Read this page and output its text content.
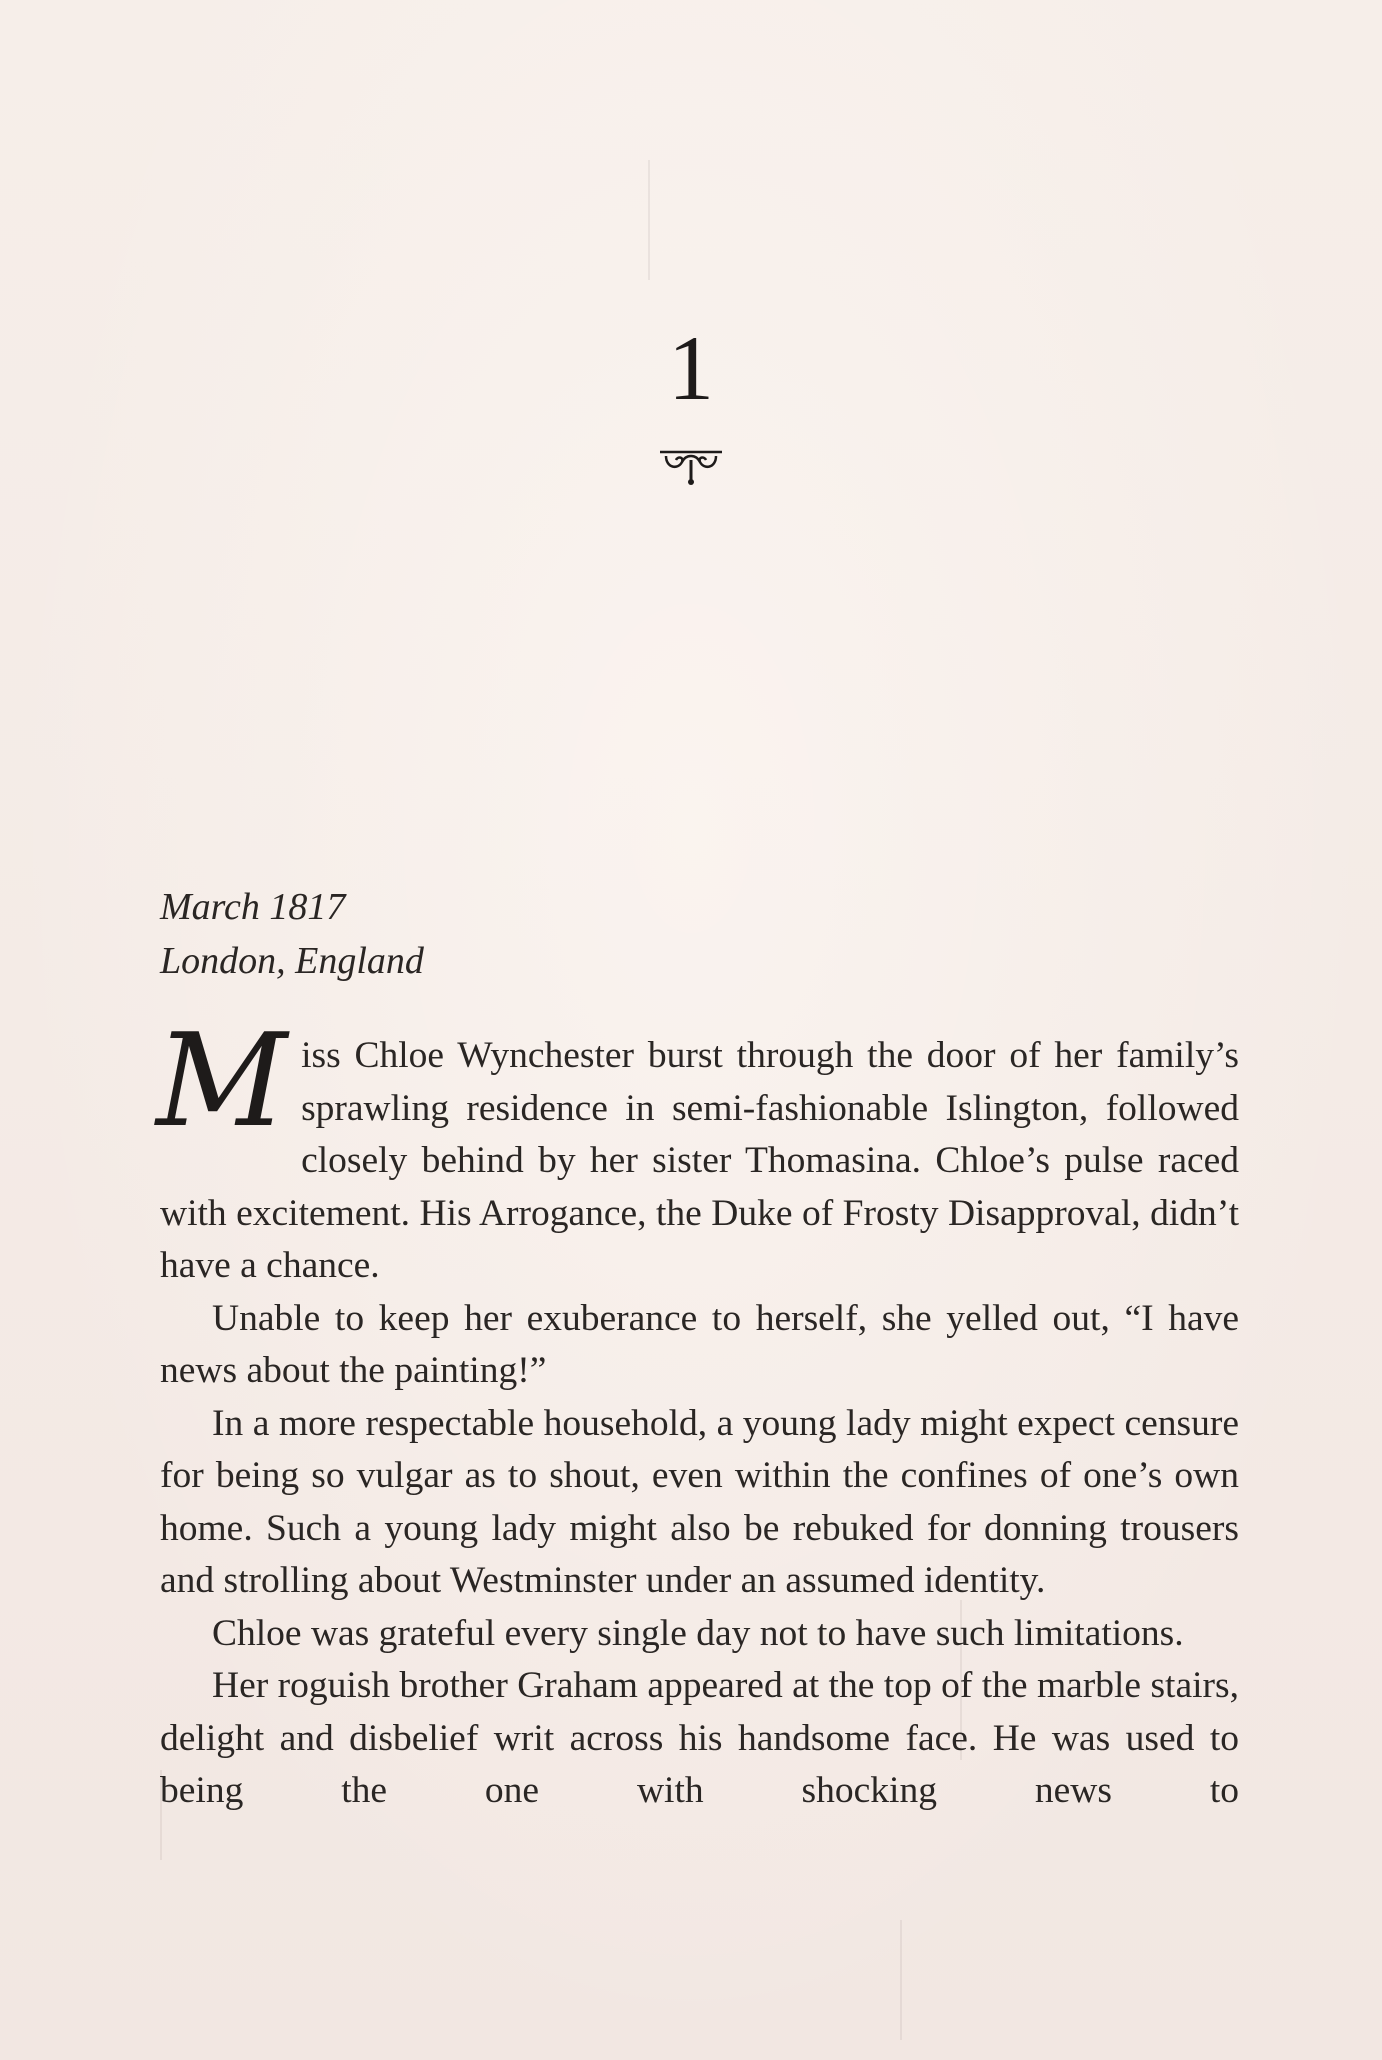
1
March 1817
London, England

Miss Chloe Wynchester burst through the door of her family’s sprawling residence in semi-fashionable Islington, followed closely behind by her sister Thomasina. Chloe’s pulse raced with excitement. His Arrogance, the Duke of Frosty Disapproval, didn’t have a chance.

Unable to keep her exuberance to herself, she yelled out, “I have news about the painting!”

In a more respectable household, a young lady might expect censure for being so vulgar as to shout, even within the confines of one’s own home. Such a young lady might also be rebuked for donning trousers and strolling about Westminster under an assumed identity.

Chloe was grateful every single day not to have such limitations.

Her roguish brother Graham appeared at the top of the marble stairs, delight and disbelief writ across his handsome face. He was used to being the one with shocking news to
